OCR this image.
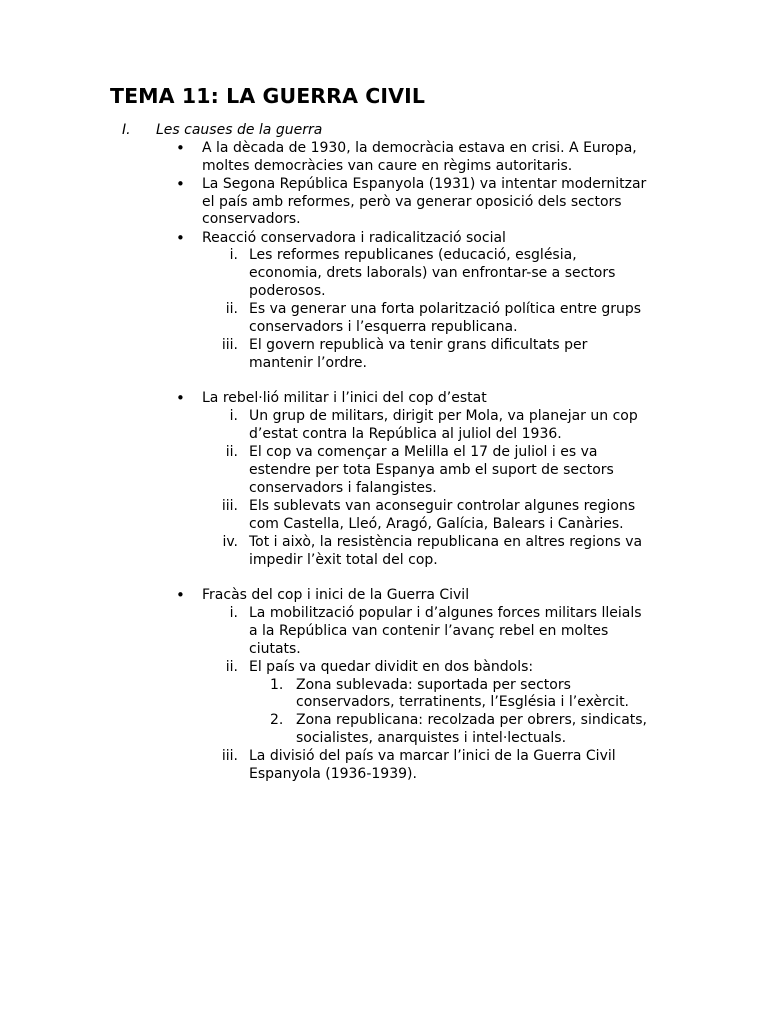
TEMA 11: LA GUERRA CIVIL
I. Les causes de la guerra
• A la dècada de 1930, la democràcia estava en crisi. A Europa,
moltes democràcies van caure en règims autoritaris.
• La Segona República Espanyola (1931) va intentar modernitzar
el país amb reformes, però va generar oposició dels sectors
conservadors.
• Reacció conservadora i radicalització social
i. Les reformes republicanes (educació, església,
economia, drets laborals) van enfrontar-se a sectors
poderosos.
ii. Es va generar una forta polarització política entre grups
conservadors i l’esquerra republicana.
iii. El govern republicà va tenir grans dificultats per
mantenir l’ordre.
• La rebel·lió militar i l’inici del cop d’estat
i. Un grup de militars, dirigit per Mola, va planejar un cop
d’estat contra la República al juliol del 1936.
ii. El cop va començar a Melilla el 17 de juliol i es va
estendre per tota Espanya amb el suport de sectors
conservadors i falangistes.
iii. Els sublevats van aconseguir controlar algunes regions
com Castella, Lleó, Aragó, Galícia, Balears i Canàries.
iv. Tot i això, la resistència republicana en altres regions va
impedir l’èxit total del cop.
• Fracàs del cop i inici de la Guerra Civil
i. La mobilització popular i d’algunes forces militars lleials
a la República van contenir l’avanç rebel en moltes
ciutats.
ii. El país va quedar dividit en dos bàndols:
1. Zona sublevada: suportada per sectors
conservadors, terratinents, l’Església i l’exèrcit.
2. Zona republicana: recolzada per obrers, sindicats,
socialistes, anarquistes i intel·lectuals.
iii. La divisió del país va marcar l’inici de la Guerra Civil
Espanyola (1936-1939).
